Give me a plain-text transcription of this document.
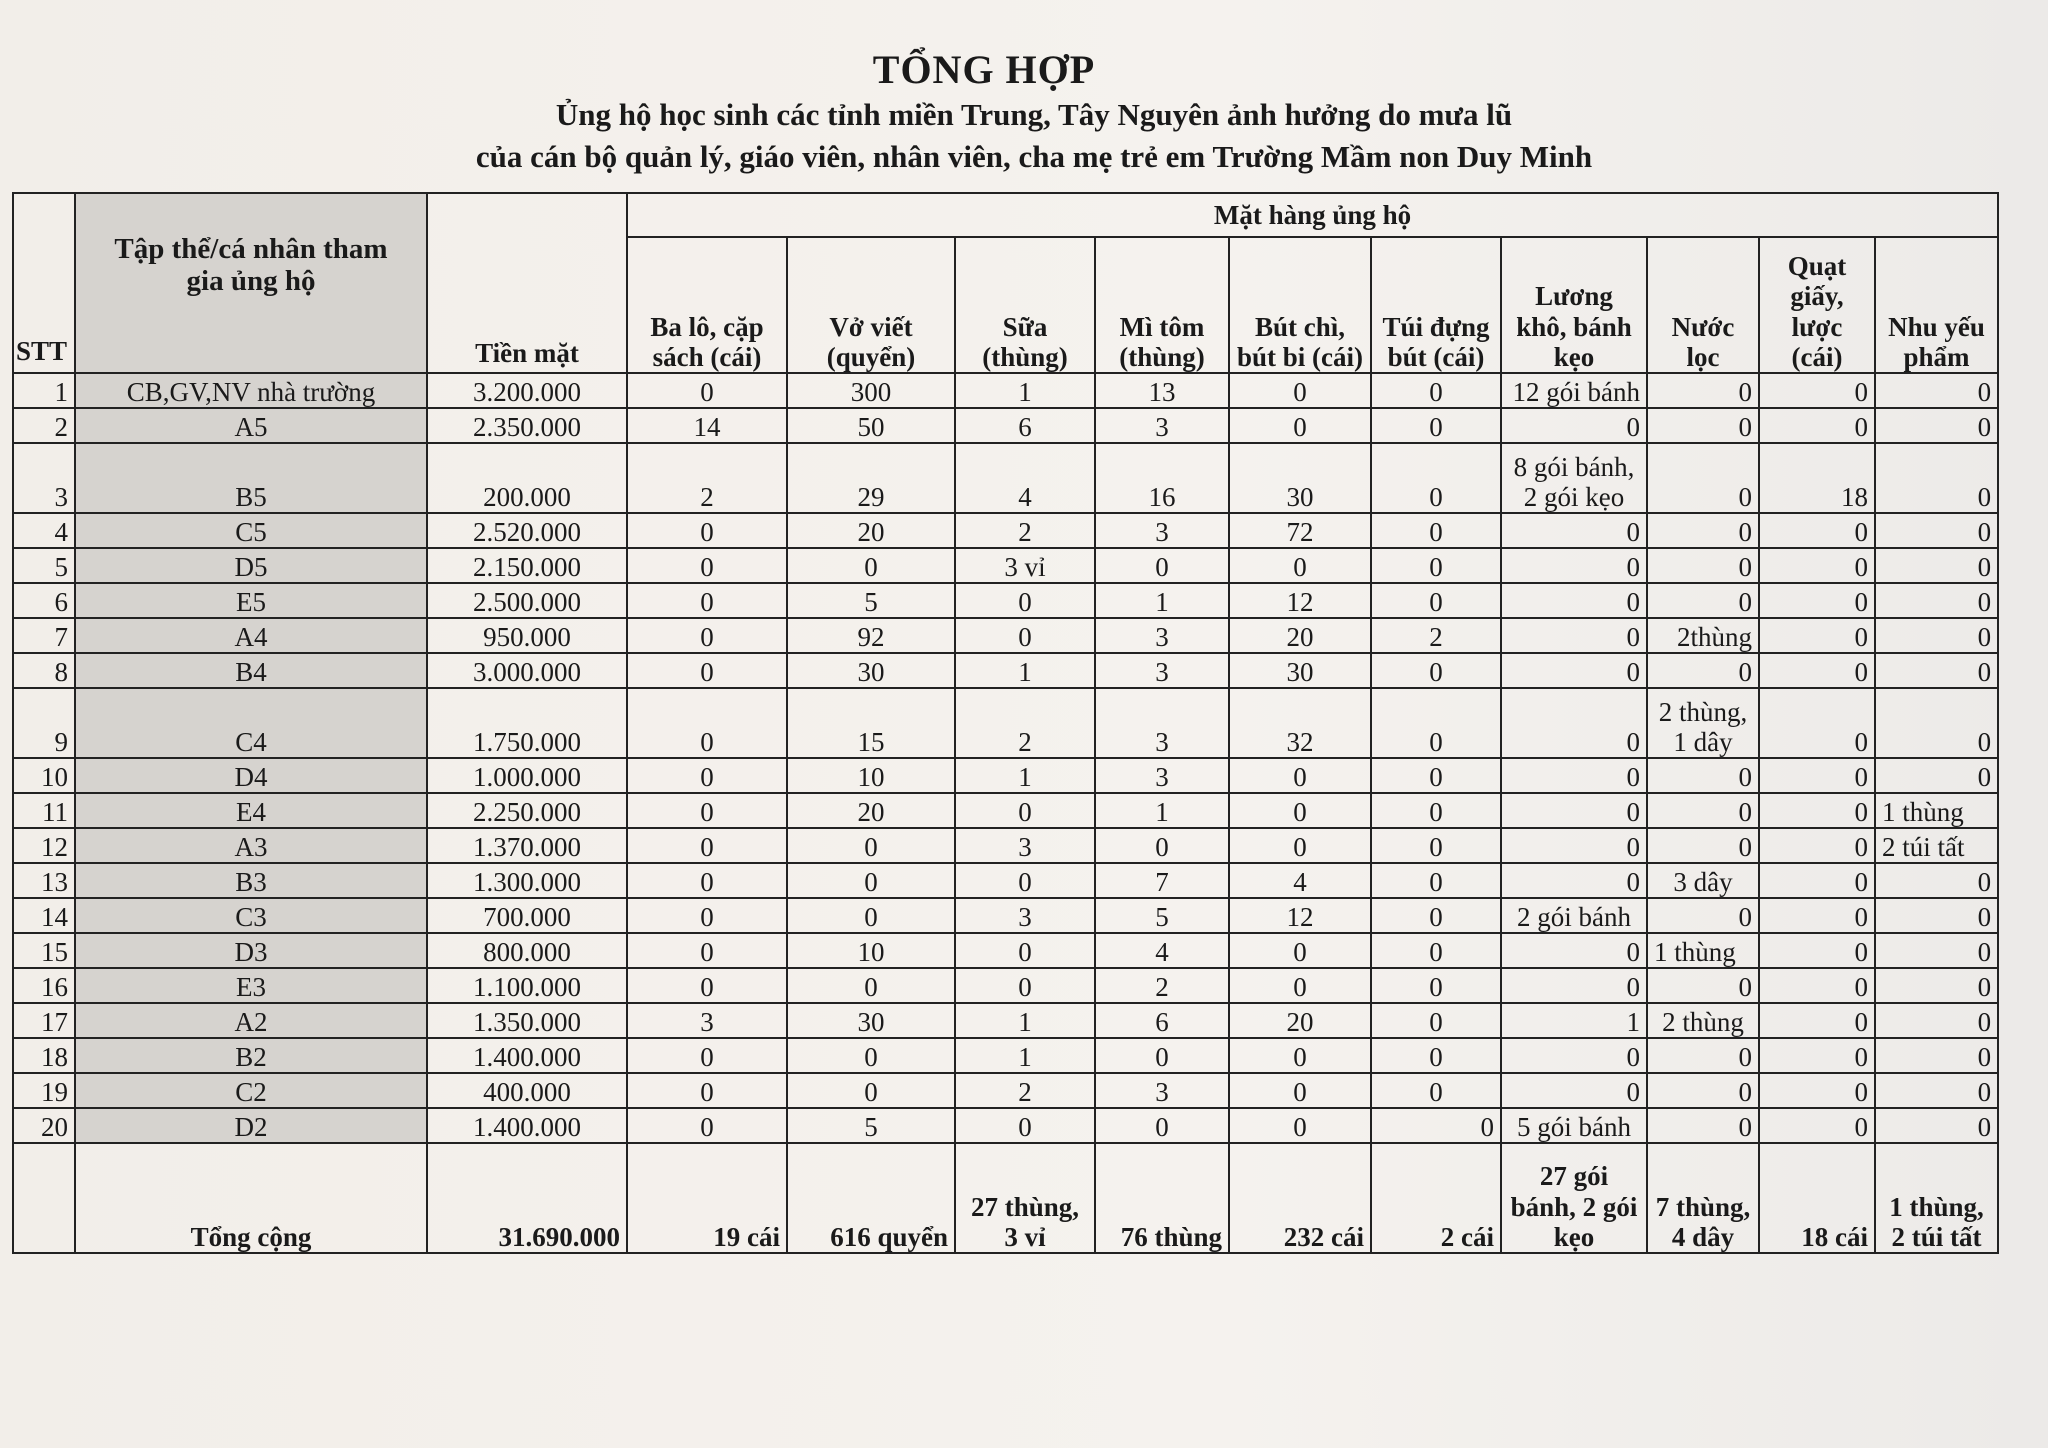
TỔNG HỢP
Ủng hộ học sinh các tỉnh miền Trung, Tây Nguyên ảnh hưởng do mưa lũ
của cán bộ quản lý, giáo viên, nhân viên, cha mẹ trẻ em Trường Mầm non Duy Minh
STT	Tập thể/cá nhân tham gia ủng hộ	Tiền mặt	Mặt hàng ủng hộ									
			Ba lô, cặp sách (cái)	Vở viết (quyển)	Sữa (thùng)	Mì tôm (thùng)	Bút chì, bút bi (cái)	Túi đựng bút (cái)	Lương khô, bánh kẹo	Nước lọc	Quạt giấy, lược (cái)	Nhu yếu phẩm
1	CB,GV,NV nhà trường	3.200.000	0	300	1	13	0	0	12 gói bánh	0	0	0
2	A5	2.350.000	14	50	6	3	0	0	0	0	0	0
3	B5	200.000	2	29	4	16	30	0	8 gói bánh, 2 gói kẹo	0	18	0
4	C5	2.520.000	0	20	2	3	72	0	0	0	0	0
5	D5	2.150.000	0	0	3 vỉ	0	0	0	0	0	0	0
6	E5	2.500.000	0	5	0	1	12	0	0	0	0	0
7	A4	950.000	0	92	0	3	20	2	0	2thùng	0	0
8	B4	3.000.000	0	30	1	3	30	0	0	0	0	0
9	C4	1.750.000	0	15	2	3	32	0	0	2 thùng, 1 dây	0	0
10	D4	1.000.000	0	10	1	3	0	0	0	0	0	0
11	E4	2.250.000	0	20	0	1	0	0	0	0	0	1 thùng
12	A3	1.370.000	0	0	3	0	0	0	0	0	0	2 túi tất
13	B3	1.300.000	0	0	0	7	4	0	0	3 dây	0	0
14	C3	700.000	0	0	3	5	12	0	2 gói bánh	0	0	0
15	D3	800.000	0	10	0	4	0	0	0	1 thùng	0	0
16	E3	1.100.000	0	0	0	2	0	0	0	0	0	0
17	A2	1.350.000	3	30	1	6	20	0	1	2 thùng	0	0
18	B2	1.400.000	0	0	1	0	0	0	0	0	0	0
19	C2	400.000	0	0	2	3	0	0	0	0	0	0
20	D2	1.400.000	0	5	0	0	0	0	5 gói bánh	0	0	0
	Tổng cộng	31.690.000	19 cái	616 quyển	27 thùng, 3 vỉ	76 thùng	232 cái	2 cái	27 gói bánh, 2 gói kẹo	7 thùng, 4 dây	18 cái	1 thùng, 2 túi tất
